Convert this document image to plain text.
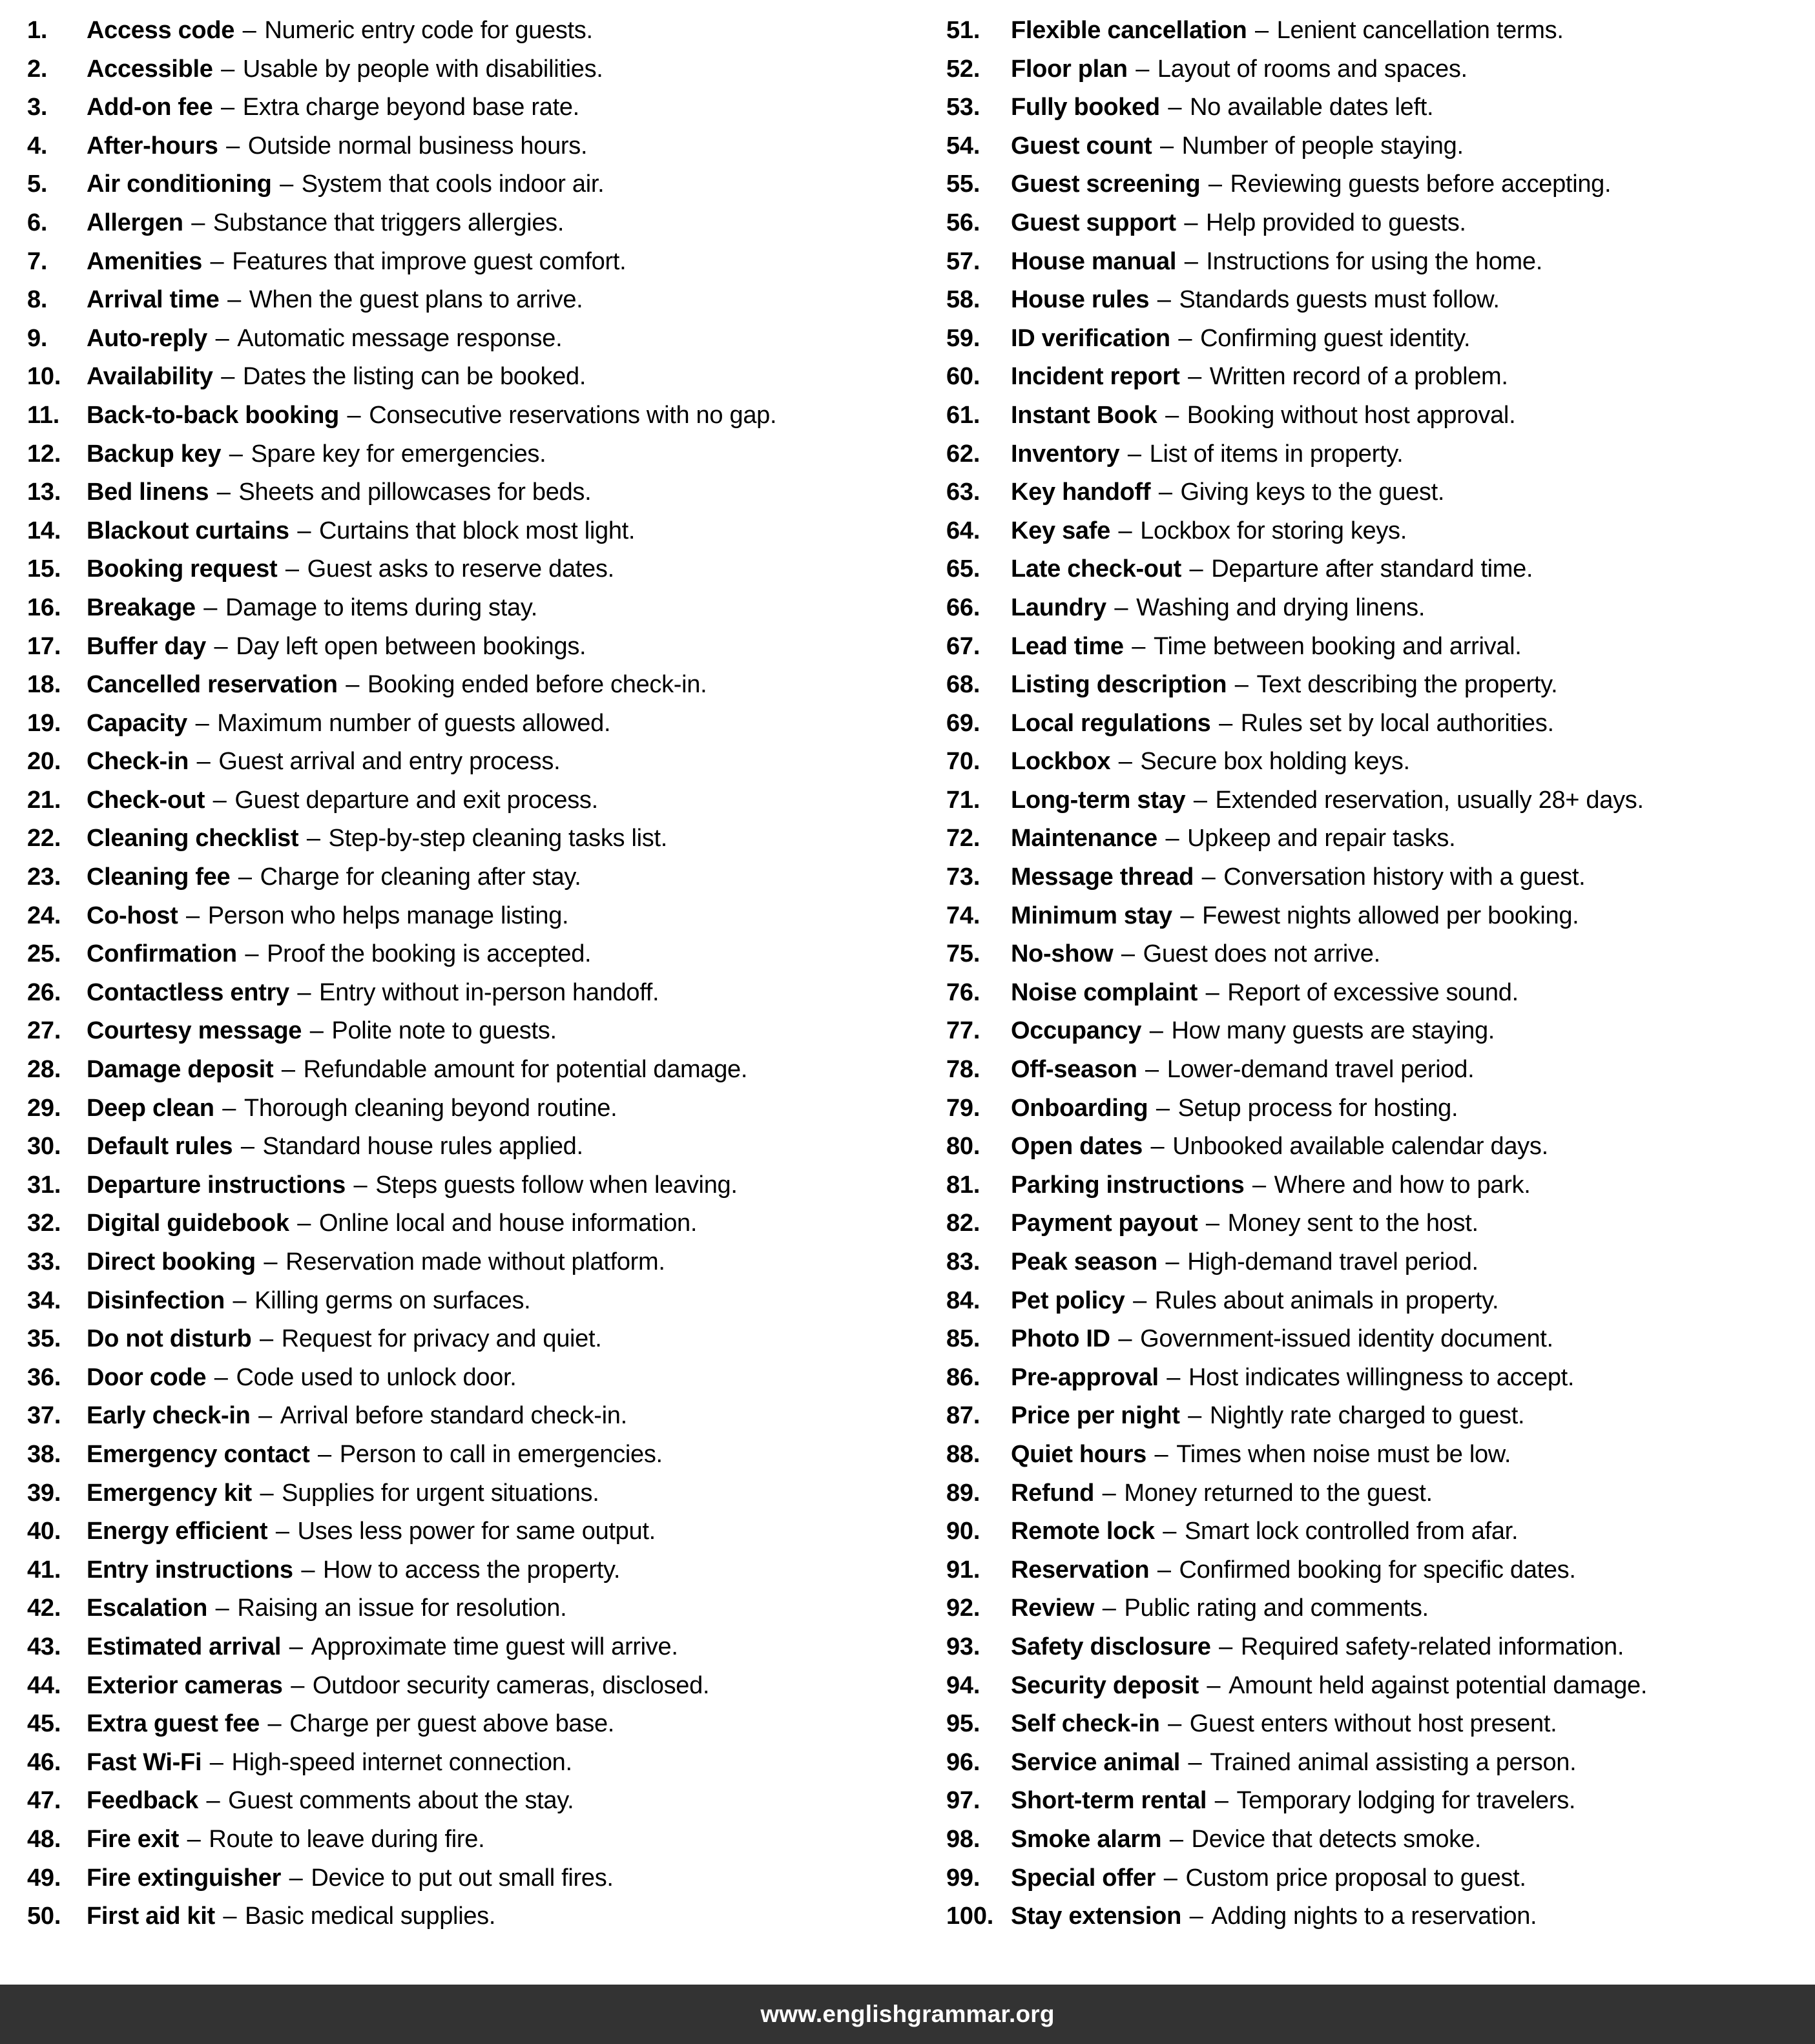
1.	Access code – Numeric entry code for guests.
2.	Accessible – Usable by people with disabilities.
3.	Add-on fee – Extra charge beyond base rate.
4.	After-hours – Outside normal business hours.
5.	Air conditioning – System that cools indoor air.
6.	Allergen – Substance that triggers allergies.
7.	Amenities – Features that improve guest comfort.
8.	Arrival time – When the guest plans to arrive.
9.	Auto-reply – Automatic message response.
10.	Availability – Dates the listing can be booked.
11.	Back-to-back booking – Consecutive reservations with no gap.
12.	Backup key – Spare key for emergencies.
13.	Bed linens – Sheets and pillowcases for beds.
14.	Blackout curtains – Curtains that block most light.
15.	Booking request – Guest asks to reserve dates.
16.	Breakage – Damage to items during stay.
17.	Buffer day – Day left open between bookings.
18.	Cancelled reservation – Booking ended before check-in.
19.	Capacity – Maximum number of guests allowed.
20.	Check-in – Guest arrival and entry process.
21.	Check-out – Guest departure and exit process.
22.	Cleaning checklist – Step-by-step cleaning tasks list.
23.	Cleaning fee – Charge for cleaning after stay.
24.	Co-host – Person who helps manage listing.
25.	Confirmation – Proof the booking is accepted.
26.	Contactless entry – Entry without in-person handoff.
27.	Courtesy message – Polite note to guests.
28.	Damage deposit – Refundable amount for potential damage.
29.	Deep clean – Thorough cleaning beyond routine.
30.	Default rules – Standard house rules applied.
31.	Departure instructions – Steps guests follow when leaving.
32.	Digital guidebook – Online local and house information.
33.	Direct booking – Reservation made without platform.
34.	Disinfection – Killing germs on surfaces.
35.	Do not disturb – Request for privacy and quiet.
36.	Door code – Code used to unlock door.
37.	Early check-in – Arrival before standard check-in.
38.	Emergency contact – Person to call in emergencies.
39.	Emergency kit – Supplies for urgent situations.
40.	Energy efficient – Uses less power for same output.
41.	Entry instructions – How to access the property.
42.	Escalation – Raising an issue for resolution.
43.	Estimated arrival – Approximate time guest will arrive.
44.	Exterior cameras – Outdoor security cameras, disclosed.
45.	Extra guest fee – Charge per guest above base.
46.	Fast Wi-Fi – High-speed internet connection.
47.	Feedback – Guest comments about the stay.
48.	Fire exit – Route to leave during fire.
49.	Fire extinguisher – Device to put out small fires.
50.	First aid kit – Basic medical supplies.
51.	Flexible cancellation – Lenient cancellation terms.
52.	Floor plan – Layout of rooms and spaces.
53.	Fully booked – No available dates left.
54.	Guest count – Number of people staying.
55.	Guest screening – Reviewing guests before accepting.
56.	Guest support – Help provided to guests.
57.	House manual – Instructions for using the home.
58.	House rules – Standards guests must follow.
59.	ID verification – Confirming guest identity.
60.	Incident report – Written record of a problem.
61.	Instant Book – Booking without host approval.
62.	Inventory – List of items in property.
63.	Key handoff – Giving keys to the guest.
64.	Key safe – Lockbox for storing keys.
65.	Late check-out – Departure after standard time.
66.	Laundry – Washing and drying linens.
67.	Lead time – Time between booking and arrival.
68.	Listing description – Text describing the property.
69.	Local regulations – Rules set by local authorities.
70.	Lockbox – Secure box holding keys.
71.	Long-term stay – Extended reservation, usually 28+ days.
72.	Maintenance – Upkeep and repair tasks.
73.	Message thread – Conversation history with a guest.
74.	Minimum stay – Fewest nights allowed per booking.
75.	No-show – Guest does not arrive.
76.	Noise complaint – Report of excessive sound.
77.	Occupancy – How many guests are staying.
78.	Off-season – Lower-demand travel period.
79.	Onboarding – Setup process for hosting.
80.	Open dates – Unbooked available calendar days.
81.	Parking instructions – Where and how to park.
82.	Payment payout – Money sent to the host.
83.	Peak season – High-demand travel period.
84.	Pet policy – Rules about animals in property.
85.	Photo ID – Government-issued identity document.
86.	Pre-approval – Host indicates willingness to accept.
87.	Price per night – Nightly rate charged to guest.
88.	Quiet hours – Times when noise must be low.
89.	Refund – Money returned to the guest.
90.	Remote lock – Smart lock controlled from afar.
91.	Reservation – Confirmed booking for specific dates.
92.	Review – Public rating and comments.
93.	Safety disclosure – Required safety-related information.
94.	Security deposit – Amount held against potential damage.
95.	Self check-in – Guest enters without host present.
96.	Service animal – Trained animal assisting a person.
97.	Short-term rental – Temporary lodging for travelers.
98.	Smoke alarm – Device that detects smoke.
99.	Special offer – Custom price proposal to guest.
100. Stay extension – Adding nights to a reservation.
www.englishgrammar.org
